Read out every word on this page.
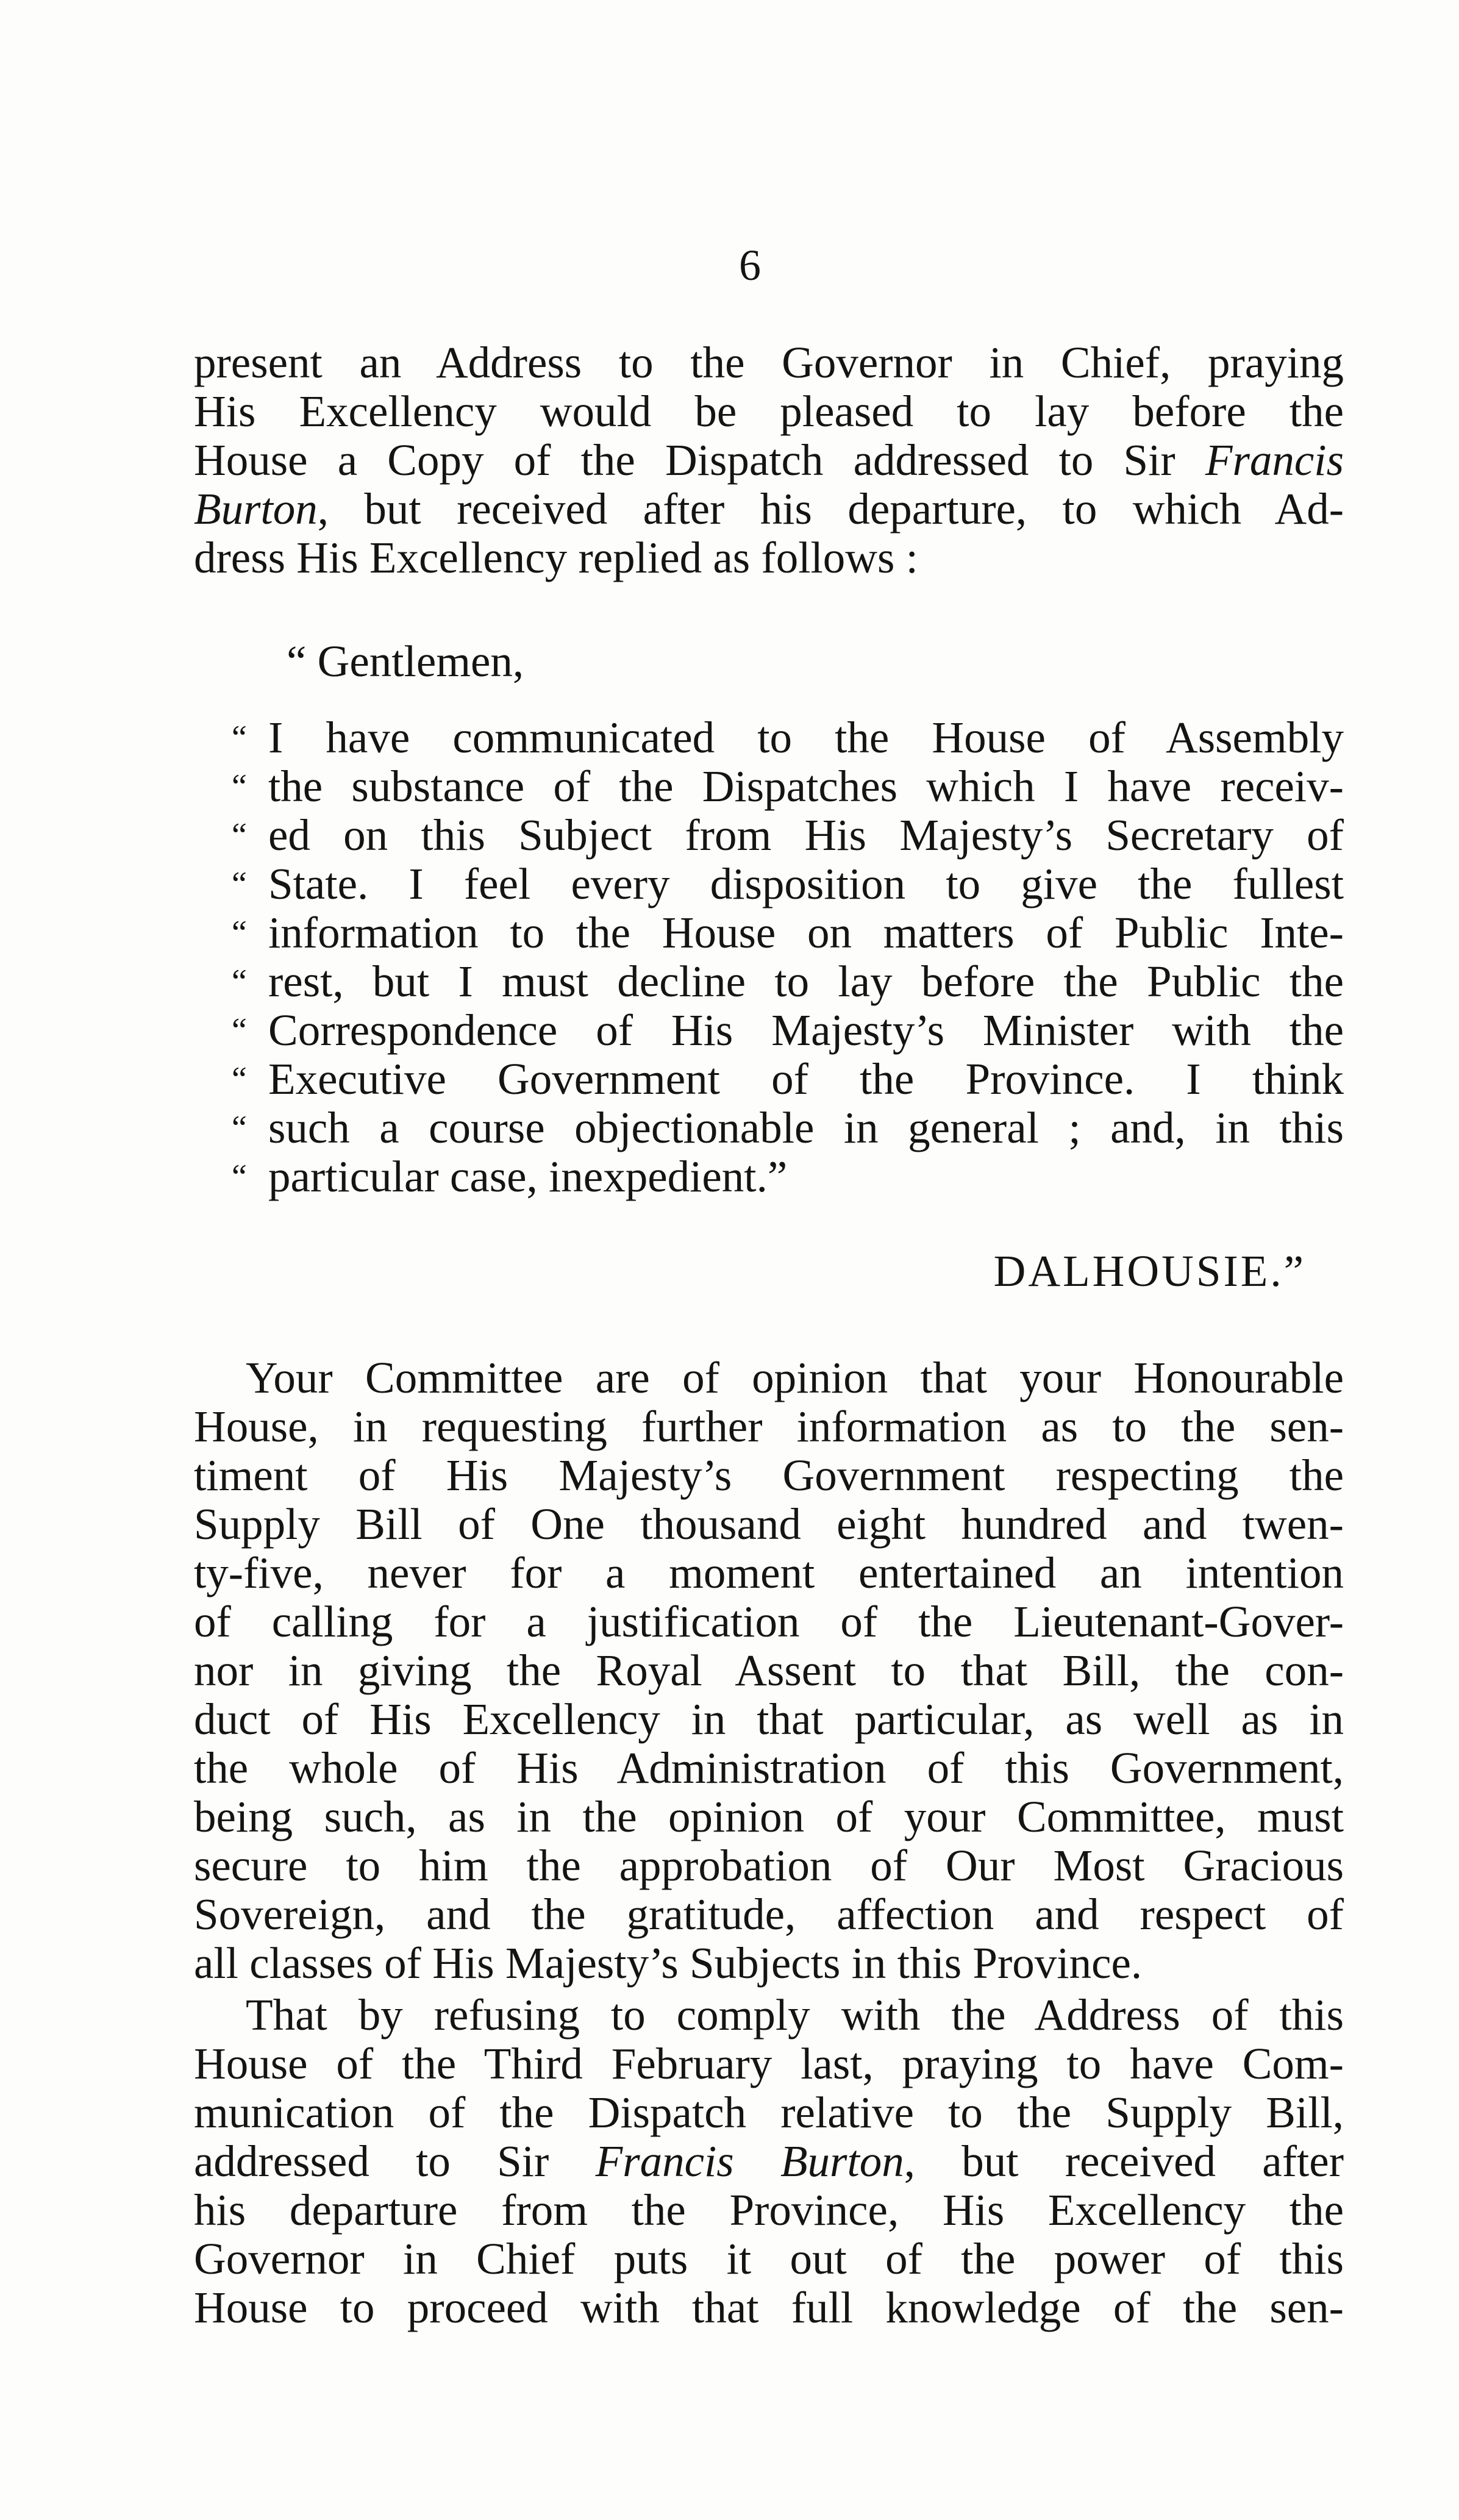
6
present an Address to the Governor in Chief, praying
His Excellency would be pleased to lay before the
House a Copy of the Dispatch addressed to Sir Francis
Burton, but received after his departure, to which Ad-
dress His Excellency replied as follows :
“ Gentlemen,
“ I have communicated to the House of Assembly
“ the substance of the Dispatches which I have receiv-
“ ed on this Subject from His Majesty’s Secretary of
“ State. I feel every disposition to give the fullest
“ information to the House on matters of Public Inte-
“ rest, but I must decline to lay before the Public the
“ Correspondence of His Majesty’s Minister with the
“ Executive Government of the Province. I think
“ such a course objectionable in general ; and, in this
“ particular case, inexpedient.”
DALHOUSIE.”
Your Committee are of opinion that your Honourable
House, in requesting further information as to the sen-
timent of His Majesty’s Government respecting the
Supply Bill of One thousand eight hundred and twen-
ty-five, never for a moment entertained an intention
of calling for a justification of the Lieutenant-Gover-
nor in giving the Royal Assent to that Bill, the con-
duct of His Excellency in that particular, as well as in
the whole of His Administration of this Government,
being such, as in the opinion of your Committee, must
secure to him the approbation of Our Most Gracious
Sovereign, and the gratitude, affection and respect of
all classes of His Majesty’s Subjects in this Province.
That by refusing to comply with the Address of this
House of the Third February last, praying to have Com-
munication of the Dispatch relative to the Supply Bill,
addressed to Sir Francis Burton, but received after
his departure from the Province, His Excellency the
Governor in Chief puts it out of the power of this
House to proceed with that full knowledge of the sen-
